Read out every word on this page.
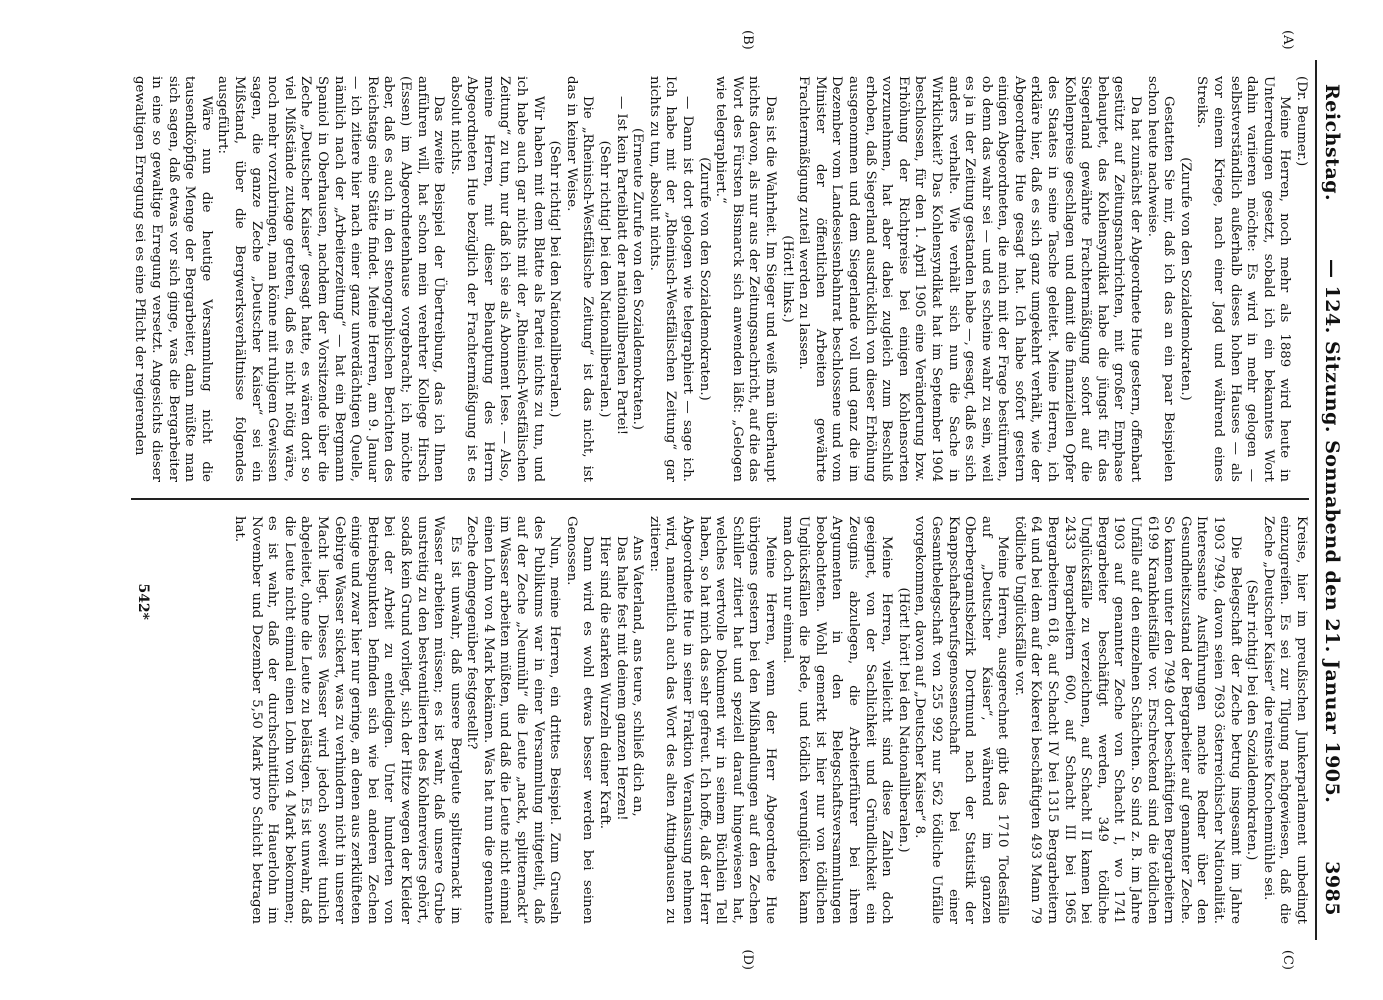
Reichstag.
— 124. Sitzung. Sonnabend den 21. Januar 1905.
3985
(A)
(B)
(C)
(D)

(Dr. Beumer.)

Meine Herren, noch mehr als 1889 wird heute in Unterredungen gesetzt, sobald ich ein bekanntes Wort dahin variieren möchte: Es wird in mehr gelogen — selbstverständlich außerhalb dieses hohen Hauses — als vor einem Kriege, nach einer Jagd und während eines Streiks.

(Zurufe von den Sozialdemokraten.)

Gestatten Sie mir, daß ich das an ein paar Beispielen schon heute nachweise.

Da hat zunächst der Abgeordnete Hue gestern, offenbart gestützt auf Zeitungsnachrichten, mit großer Emphase behauptet, das Kohlensyndikat habe die jüngst für das Siegerland gewährte Frachtermäßigung sofort auf die Kohlenpreise geschlagen und damit die finanziellen Opfer des Staates in seine Tasche geleitet. Meine Herren, ich erkläre hier, daß es sich ganz umgekehrt verhält, wie der Abgeordnete Hue gesagt hat. Ich habe sofort gestern einigen Abgeordneten, die mich mit der Frage bestürmten, ob denn das wahr sei — und es scheine wahr zu sein, weil es ja in der Zeitung gestanden habe —, gesagt, daß es sich anders verhalte. Wie verhält sich nun die Sache in Wirklichkeit? Das Kohlensyndikat hat im September 1904 beschlossen, für den 1. April 1905 eine Veränderung bzw. Erhöhung der Richtpreise bei einigen Kohlensorten vorzunehmen, hat aber dabei zugleich zum Beschluß erhoben, daß Siegerland ausdrücklich von dieser Erhöhung ausgenommen und dem Siegerlande voll und ganz die im Dezember vom Landeseisenbahnrat beschlossene und vom Minister der öffentlichen Arbeiten gewährte Frachtermäßigung zuteil werden zu lassen.

(Hört! links.)

Das ist die Wahrheit. Im Sieger und weiß man überhaupt nichts davon, als nur aus der Zeitungsnachricht, auf die das Wort des Fürsten Bismarck sich anwenden läßt: „Gelogen wie telegraphiert.“

(Zurufe von den Sozialdemokraten.)

— Dann ist dort gelogen wie telegraphiert — sage ich. Ich habe mit der „Rheinisch-Westfälischen Zeitung“ gar nichts zu tun, absolut nichts.

(Erneute Zurufe von den Sozialdemokraten.)

— Ist kein Parteiblatt der nationalliberalen Partei!

(Sehr richtig! bei den Nationalliberalen.)

Die „Rheinisch-Westfälische Zeitung“ ist das nicht, ist das in keiner Weise.

(Sehr richtig! bei den Nationalliberalen.)

Wir haben mit dem Blatte als Partei nichts zu tun, und ich habe auch gar nichts mit der „Rheinisch-Westfälischen Zeitung“ zu tun, nur daß ich sie als Abonnent lese. — Also, meine Herren, mit dieser Behauptung des Herrn Abgeordneten Hue bezüglich der Frachtermäßigung ist es absolut nichts.

Das zweite Beispiel der Übertreibung, das ich Ihnen anführen will, hat schon mein verehrter Kollege Hirsch (Essen) im Abgeordnetenhause vorgebracht; ich möchte aber, daß es auch in den stenographischen Berichten des Reichstags eine Stätte findet. Meine Herren, am 9. Januar — ich zitiere hier nach einer ganz unverdächtigen Quelle, nämlich nach der „Arbeiterzeitung“ — hat ein Bergmann Spaniol in Oberhausen, nachdem der Vorsitzende über die Zeche „Deutscher Kaiser“ gesagt hatte, es wären dort so viel Mißstände zutage getreten, daß es nicht nötig wäre, noch mehr vorzubringen, man könne mit ruhigem Gewissen sagen, die ganze Zeche „Deutscher Kaiser“ sei ein Mißstand, über die Bergwerksverhältnisse folgendes ausgeführt:

Wäre nun die heutige Versammlung nicht die tausendköpfige Menge der Bergarbeiter, dann müßte man sich sagen, daß etwas vor sich ginge, was die Bergarbeiter in eine so gewaltige Erregung versetzt. Angesichts dieser gewaltigen Erregung sei es eine Pflicht der regierenden

Kreise, hier im preußischen Junkerparlament unbedingt einzugreifen. Es sei zur Tilgung nachgewiesen, daß die Zeche „Deutscher Kaiser“ die reinste Knochenmühle sei.

(Sehr richtig! bei den Sozialdemokraten.)

Die Belegschaft der Zeche betrug insgesamt im Jahre 1903 7949, davon seien 7693 österreichischer Nationalität. Interessante Ausführungen machte Redner über den Gesundheitszustand der Bergarbeiter auf genannter Zeche. So kamen unter den 7949 dort beschäftigten Bergarbeitern 6199 Krankheitsfälle vor. Erschreckend sind die tödlichen Unfälle auf den einzelnen Schächten. So sind z. B. im Jahre 1903 auf genannter Zeche von Schacht I, wo 1741 Bergarbeiter beschäftigt werden, 349 tödliche Unglücksfälle zu verzeichnen, auf Schacht II kamen bei 2433 Bergarbeitern 600, auf Schacht III bei 1965 Bergarbeitern 618, auf Schacht IV bei 1315 Bergarbeitern 64 und bei dem auf der Kokerei beschäftigten 493 Mann 79 tödliche Unglücksfälle vor.

Meine Herren, ausgerechnet gibt das 1710 Todesfälle auf „Deutscher Kaiser“, während im ganzen Oberbergamtsbezirk Dortmund nach der Statistik der Knappschaftsberufsgenossenschaft bei einer Gesamtbelegschaft von 255 992 nur 562 tödliche Unfälle vorgekommen, davon auf „Deutscher Kaiser“ 8.

(Hört! hört! bei den Nationalliberalen.)

Meine Herren, vielleicht sind diese Zahlen doch geeignet, von der Sachlichkeit und Gründlichkeit ein Zeugnis abzulegen, die Arbeiterführer bei ihren Argumenten in den Belegschaftsversammlungen beobachteten. Wohl gemerkt ist hier nur von tödlichen Unglücksfällen die Rede, und tödlich verunglücken kann man doch nur einmal.

Meine Herren, wenn der Herr Abgeordnete Hue übrigens gestern bei den Mißhandlungen auf den Zechen Schiller zitiert hat und speziell darauf hingewiesen hat, welches wertvolle Dokument wir in seinem Büchlein Tell haben, so hat mich das sehr gefreut. Ich hoffe, daß der Herr Abgeordnete Hue in seiner Fraktion Veranlassung nehmen wird, namentlich auch das Wort des alten Attinghausen zu zitieren:

Ans Vaterland, ans teure, schließ dich an,

Das halte fest mit deinem ganzen Herzen!

Hier sind die starken Wurzeln deiner Kraft.

Dann wird es wohl etwas besser werden bei seinen Genossen.

Nun, meine Herren, ein drittes Beispiel. Zum Gruseln des Publikums war in einer Versammlung mitgeteilt, daß auf der Zeche „Neumühl“ die Leute „nackt, splitternackt“ im Wasser arbeiten müßten, und daß die Leute nicht einmal einen Lohn von 4 Mark bekämen. Was hat nun die genannte Zeche demgegenüber festgestellt?

Es ist unwahr, daß unsere Bergleute splitternackt im Wasser arbeiten müssen; es ist wahr, daß unsere Grube unstreitig zu den bestventilierten des Kohlenreviers gehört, sodaß kein Grund vorliegt, sich der Hitze wegen der Kleider bei der Arbeit zu entledigen. Unter hunderten von Betriebspunkten befinden sich wie bei anderen Zechen einige und zwar hier nur geringe, an denen aus zerklüfteten Gebirge Wasser sickert, was zu verhindern nicht in unserer Macht liegt. Dieses Wasser wird jedoch soweit tunlich abgeleitet, ohne die Leute zu belästigen. Es ist unwahr, daß die Leute nicht einmal einen Lohn von 4 Mark bekommen; es ist wahr, daß der durchschnittliche Hauerlohn im November und Dezember 5,50 Mark pro Schicht betragen hat.

542*
